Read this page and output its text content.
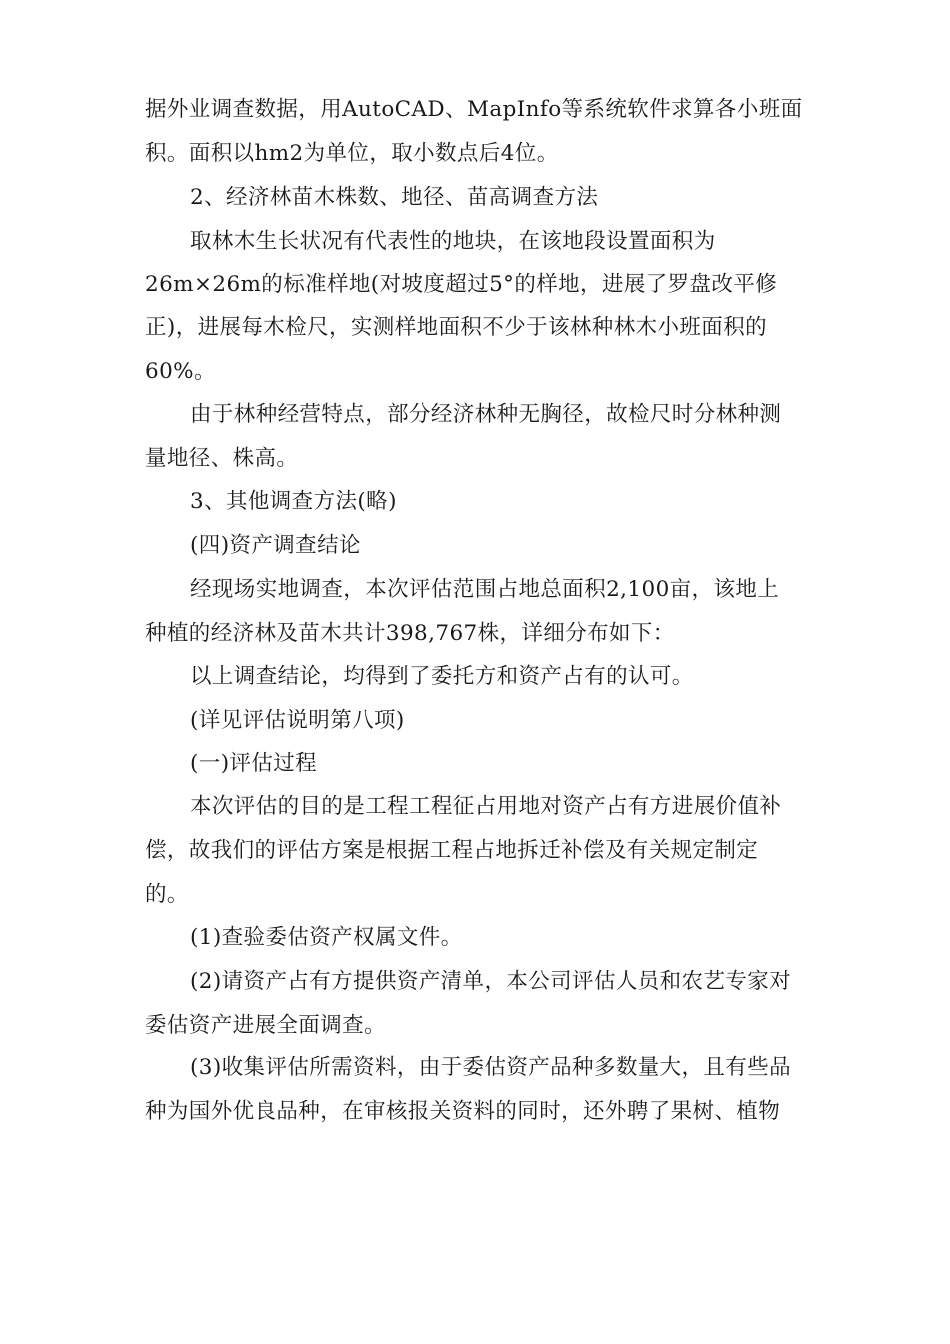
据外业调查数据，用AutoCAD、MapInfo等系统软件求算各小班面
积。面积以hm2为单位，取小数点后4位。
2、经济林苗木株数、地径、苗高调查方法
取林木生长状况有代表性的地块，在该地段设置面积为
26m×26m的标准样地(对坡度超过5°的样地，进展了罗盘改平修
正)，进展每木检尺，实测样地面积不少于该林种林木小班面积的
60%。
由于林种经营特点，部分经济林种无胸径，故检尺时分林种测
量地径、株高。
3、其他调查方法(略)
(四)资产调查结论
经现场实地调查，本次评估范围占地总面积2,100亩，该地上
种植的经济林及苗木共计398,767株，详细分布如下：
以上调查结论，均得到了委托方和资产占有的认可。
(详见评估说明第八项)
(一)评估过程
本次评估的目的是工程工程征占用地对资产占有方进展价值补
偿，故我们的评估方案是根据工程占地拆迁补偿及有关规定制定
的。
(1)查验委估资产权属文件。
(2)请资产占有方提供资产清单，本公司评估人员和农艺专家对
委估资产进展全面调查。
(3)收集评估所需资料，由于委估资产品种多数量大，且有些品
种为国外优良品种，在审核报关资料的同时，还外聘了果树、植物
